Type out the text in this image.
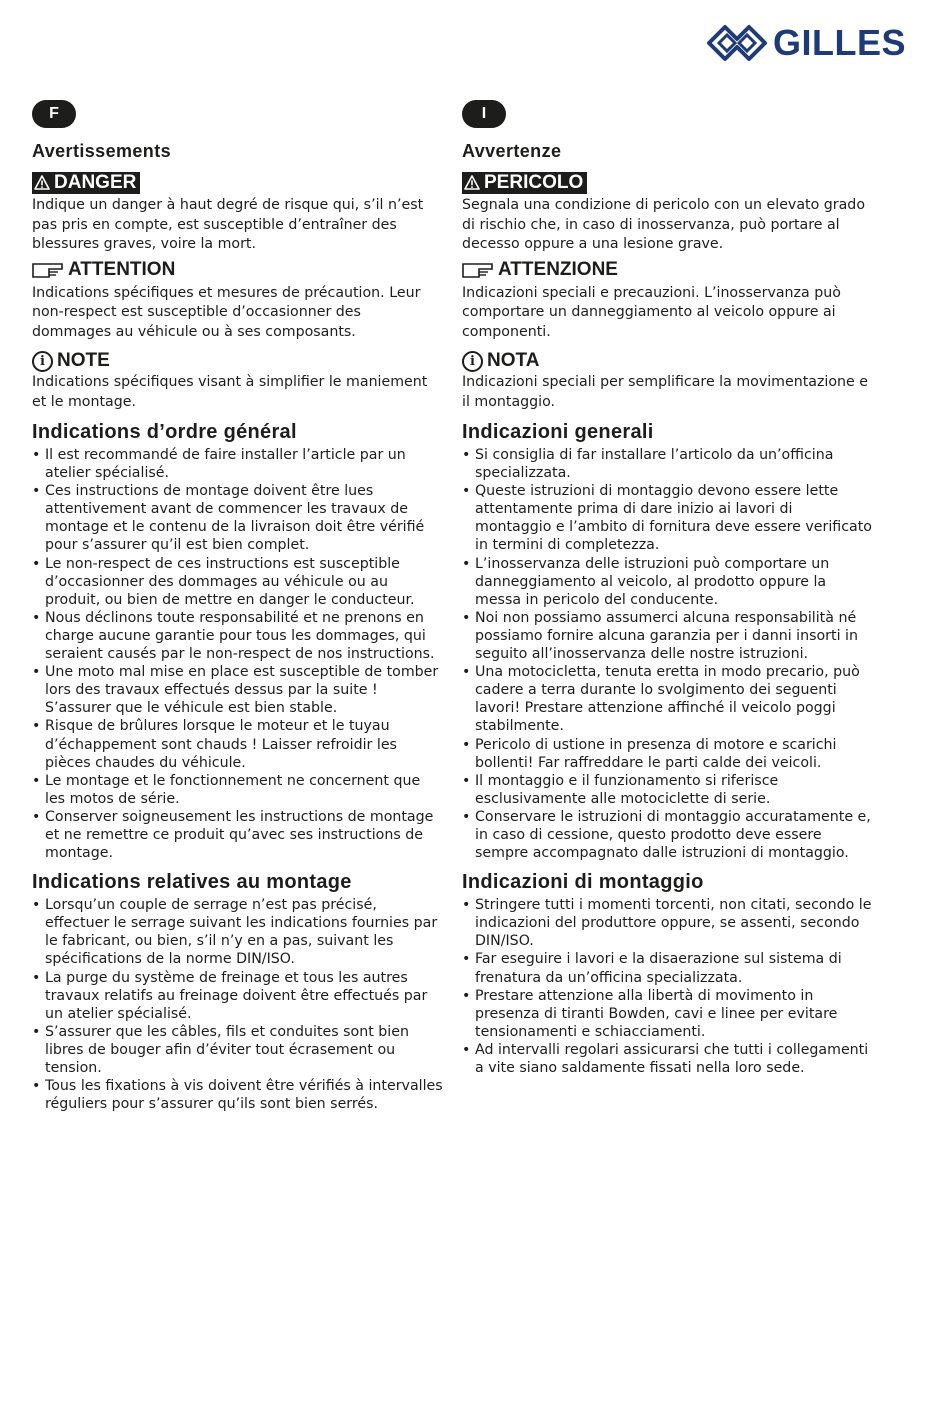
GILLES
F
Avertissements
DANGER

Indique un danger à haut degré de risque qui, s’il n’est pas pris en compte, est susceptible d’entraîner des blessures graves, voire la mort.

ATTENTION

Indications spécifiques et mesures de précaution. Leur non-respect est susceptible d’occasionner des dommages au véhicule ou à ses composants.

i NOTE

Indications spécifiques visant à simplifier le maniement et le montage.

Indications d’ordre général
• Il est recommandé de faire installer l’article par un atelier spécialisé.
• Ces instructions de montage doivent être lues attentivement avant de commencer les travaux de montage et le contenu de la livraison doit être vérifié pour s’assurer qu’il est bien complet.
• Le non-respect de ces instructions est susceptible d’occasionner des dommages au véhicule ou au produit, ou bien de mettre en danger le conducteur.
• Nous déclinons toute responsabilité et ne prenons en charge aucune garantie pour tous les dommages, qui seraient causés par le non-respect de nos instructions.
• Une moto mal mise en place est susceptible de tomber lors des travaux effectués dessus par la suite ! S’assurer que le véhicule est bien stable.
• Risque de brûlures lorsque le moteur et le tuyau d’échappement sont chauds ! Laisser refroidir les pièces chaudes du véhicule.
• Le montage et le fonctionnement ne concernent que les motos de série.
• Conserver soigneusement les instructions de montage et ne remettre ce produit qu’avec ses instructions de montage.
Indications relatives au montage
• Lorsqu’un couple de serrage n’est pas précisé, effectuer le serrage suivant les indications fournies par le fabricant, ou bien, s’il n’y en a pas, suivant les spécifications de la norme DIN/ISO.
• La purge du système de freinage et tous les autres travaux relatifs au freinage doivent être effectués par un atelier spécialisé.
• S’assurer que les câbles, fils et conduites sont bien libres de bouger afin d’éviter tout écrasement ou tension.
• Tous les fixations à vis doivent être vérifiés à intervalles réguliers pour s’assurer qu’ils sont bien serrés.
I
Avvertenze
PERICOLO

Segnala una condizione di pericolo con un elevato grado di rischio che, in caso di inosservanza, può portare al decesso oppure a una lesione grave.

ATTENZIONE

Indicazioni speciali e precauzioni. L’inosservanza può comportare un danneggiamento al veicolo oppure ai componenti.

i NOTA

Indicazioni speciali per semplificare la movimentazione e il montaggio.

Indicazioni generali
• Si consiglia di far installare l’articolo da un’officina specializzata.
• Queste istruzioni di montaggio devono essere lette attentamente prima di dare inizio ai lavori di montaggio e l’ambito di fornitura deve essere verificato in termini di completezza.
• L’inosservanza delle istruzioni può comportare un danneggiamento al veicolo, al prodotto oppure la messa in pericolo del conducente.
• Noi non possiamo assumerci alcuna responsabilità né possiamo fornire alcuna garanzia per i danni insorti in seguito all’inosservanza delle nostre istruzioni.
• Una motocicletta, tenuta eretta in modo precario, può cadere a terra durante lo svolgimento dei seguenti lavori! Prestare attenzione affinché il veicolo poggi stabilmente.
• Pericolo di ustione in presenza di motore e scarichi bollenti! Far raffreddare le parti calde dei veicoli.
• Il montaggio e il funzionamento si riferisce esclusivamente alle motociclette di serie.
• Conservare le istruzioni di montaggio accuratamente e, in caso di cessione, questo prodotto deve essere sempre accompagnato dalle istruzioni di montaggio.
Indicazioni di montaggio
• Stringere tutti i momenti torcenti, non citati, secondo le indicazioni del produttore oppure, se assenti, secondo DIN/ISO.
• Far eseguire i lavori e la disaerazione sul sistema di frenatura da un’officina specializzata.
• Prestare attenzione alla libertà di movimento in presenza di tiranti Bowden, cavi e linee per evitare tensionamenti e schiacciamenti.
• Ad intervalli regolari assicurarsi che tutti i collegamenti a vite siano saldamente fissati nella loro sede.
